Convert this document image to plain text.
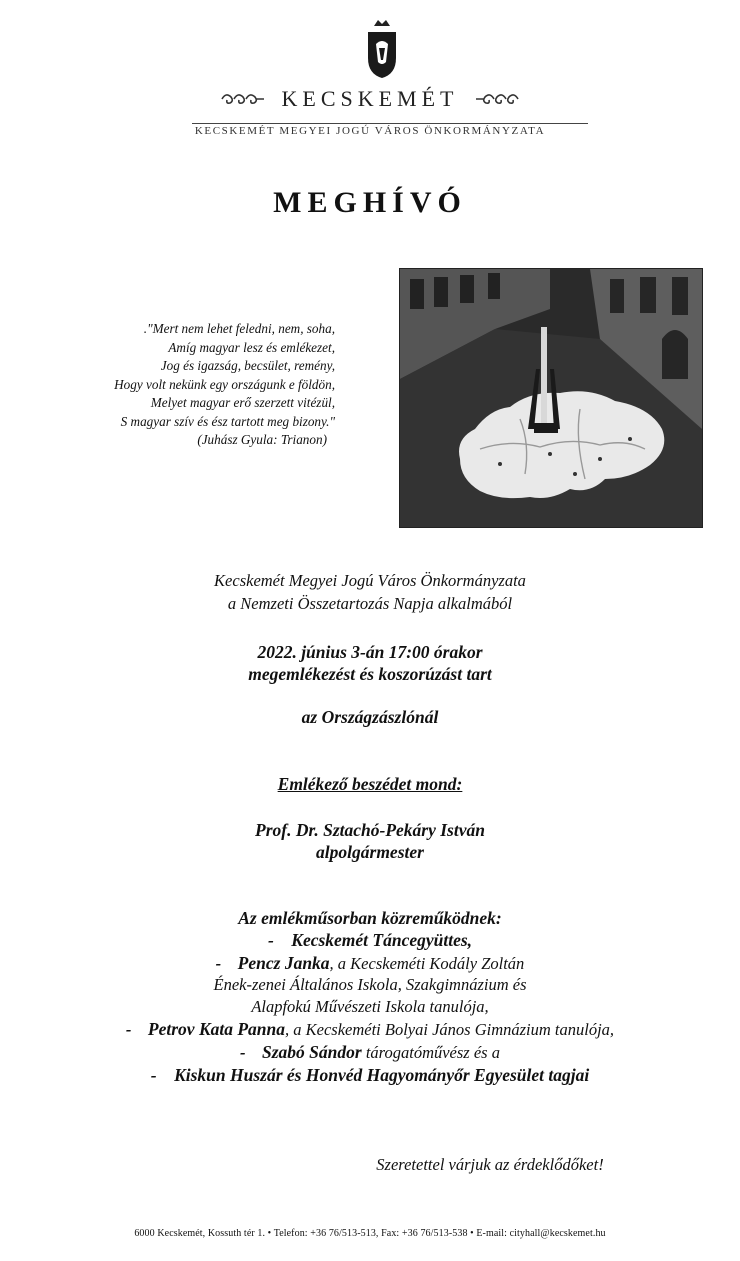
KECSKEMÉT
KECSKEMÉT MEGYEI JOGÚ VÁROS ÖNKORMÁNYZATA
MEGHÍVÓ
."Mert nem lehet feledni, nem, soha,
Amíg magyar lesz és emlékezet,
Jog és igazság, becsület, remény,
Hogy volt nekünk egy országunk e földön,
Melyet magyar erő szerzett vitézül,
S magyar szív és ész tartott meg bizony."
(Juhász Gyula: Trianon)
Kecskemét Megyei Jogú Város Önkormányzata
a Nemzeti Összetartozás Napja alkalmából
2022. június 3-án 17:00 órakor
megemlékezést és koszorúzást tart
az Országzászlónál
Emlékező beszédet mond:
Prof. Dr. Sztachó-Pekáry István
alpolgármester
Az emlékműsorban közreműködnek:
- Kecskemét Táncegyüttes,
- Pencz Janka, a Kecskeméti Kodály Zoltán
Ének-zenei Általános Iskola, Szakgimnázium és
Alapfokú Művészeti Iskola tanulója,
- Petrov Kata Panna, a Kecskeméti Bolyai János Gimnázium tanulója,
- Szabó Sándor tárogatóművész és a
- Kiskun Huszár és Honvéd Hagyományőr Egyesület tagjai
Szeretettel várjuk az érdeklődőket!
6000 Kecskemét, Kossuth tér 1. • Telefon: +36 76/513-513, Fax: +36 76/513-538 • E-mail: cityhall@kecskemet.hu
